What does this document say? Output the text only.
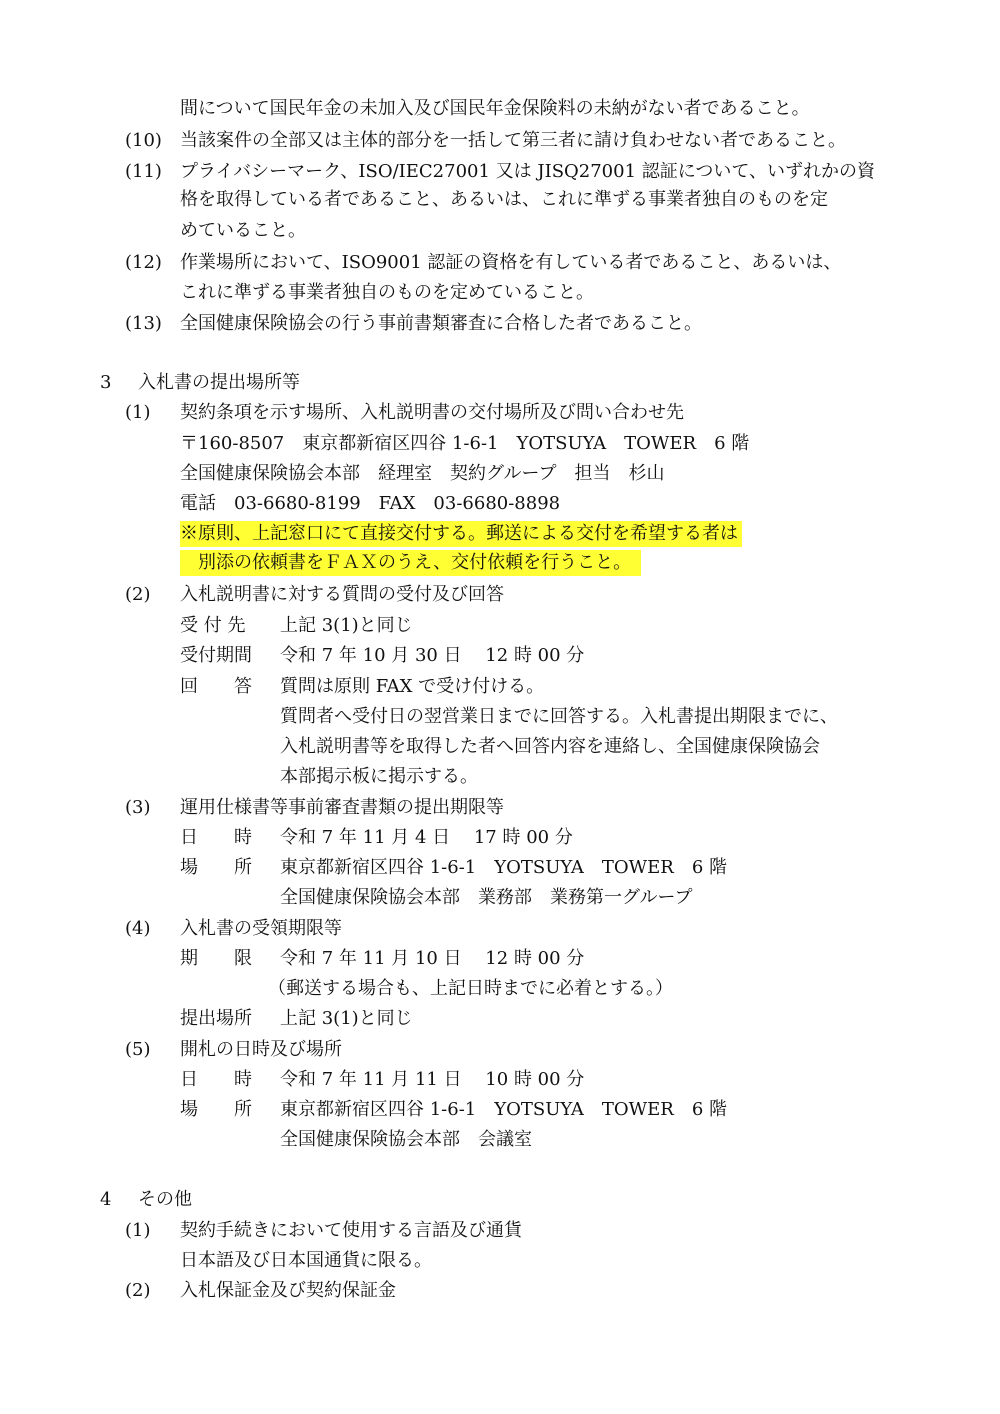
間について国民年金の未加入及び国民年金保険料の未納がない者であること。
(10) 当該案件の全部又は主体的部分を一括して第三者に請け負わせない者であること。
(11) プライバシーマーク、ISO/IEC27001 又は JISQ27001 認証について、いずれかの資
格を取得している者であること、あるいは、これに準ずる事業者独自のものを定
めていること。
(12) 作業場所において、ISO9001 認証の資格を有している者であること、あるいは、
これに準ずる事業者独自のものを定めていること。
(13) 全国健康保険協会の行う事前書類審査に合格した者であること。
3 入札書の提出場所等
(1) 契約条項を示す場所、入札説明書の交付場所及び問い合わせ先
〒160-8507　東京都新宿区四谷 1-6-1　YOTSUYA　TOWER　6 階
全国健康保険協会本部　経理室　契約グループ　担当　杉山
電話　03-6680-8199　FAX　03-6680-8898
※原則、上記窓口にて直接交付する。郵送による交付を希望する者は
別添の依頼書をＦＡＸのうえ、交付依頼を行うこと。
(2) 入札説明書に対する質問の受付及び回答
受 付 先	上記 3(1)と同じ
受付期間	令和 7 年 10 月 30 日　 12 時 00 分
回　　答	質問は原則 FAX で受け付ける。
質問者へ受付日の翌営業日までに回答する。入札書提出期限までに、
入札説明書等を取得した者へ回答内容を連絡し、全国健康保険協会
本部掲示板に掲示する。
(3) 運用仕様書等事前審査書類の提出期限等
日　　時	令和 7 年 11 月 4 日　 17 時 00 分
場　　所	東京都新宿区四谷 1-6-1　YOTSUYA　TOWER　6 階
全国健康保険協会本部　業務部　業務第一グループ
(4) 入札書の受領期限等
期　　限	令和 7 年 11 月 10 日　 12 時 00 分
（郵送する場合も、上記日時までに必着とする。）
提出場所	上記 3(1)と同じ
(5) 開札の日時及び場所
日　　時	令和 7 年 11 月 11 日　 10 時 00 分
場　　所	東京都新宿区四谷 1-6-1　YOTSUYA　TOWER　6 階
全国健康保険協会本部　会議室
4 その他
(1) 契約手続きにおいて使用する言語及び通貨
日本語及び日本国通貨に限る。
(2) 入札保証金及び契約保証金
